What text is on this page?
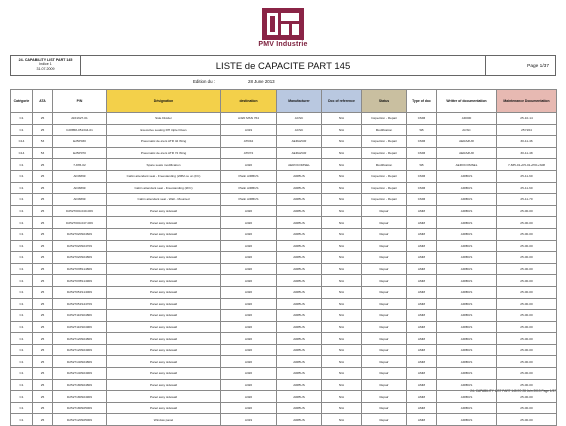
PMV Industrie
24- CAPABILITY LIST PART 145
Indice 1
31.07.2009	LISTE de CAPACITE PART 145	Page 1/37
Edition du :	28 June 2013
Catégorie	ATA	P/N	Désignation	destination	Manufacturer	Doc of reference	Status	Type of doc	Writter of documentation	Maintenance Documentation
C1	25	ADI1627-01	Side Divider	A320 MSN 764	ACSC	N/A	Inspection - Repair	CMM	AD000	25-10-14
C1	25	C28858-051344-01	Executive seating RH triple Divan	A319	ACSC	N/A	Modification	SB	ACSC	25Y264
C14	53	E25P030	Pneumatic de-icers ATR 42 Wing	ATR42	AERAZUR	N/A	Inspection - Repair	CMM	AERAZUR	30-11-46
C14	53	E25P070	Pneumatic de-icers ATR 72 Wing	ATR72	AERAZUR	N/A	Inspection - Repair	CMM	AERAZUR	30-11-48
C1	25	7-835-02	Spare seats modification	A320	AEROCOMSEL	N/A	Modification	SB	AEROCOMSEL	7-835-01+K5-01+P01+S08
C1	25	ADI3899	Cabin attendant seat - Freestanding (2MM ou un (FC)	Platin AIRBUS	AIRBUS	N/A	Inspection - Repair	CMM	AIRBUS	25-11-60
C1	25	ADI3899	Cabin attendant seat - Freestanding (2FC)	Platin AIRBUS	AIRBUS	N/A	Inspection - Repair	CMM	AIRBUS	25-11-60
C1	25	ADI3899	Cabin attendant seat - Wall - Mounted	Platin AIRBUS	AIRBUS	N/A	Inspection - Repair	CMM	AIRBUS	25-11-70
C1	25	D2527000-040-009	Panel assy sidewall	A320	AIRBUS	N/A	Repair	AMM	AIRBUS	25-00-00
C1	25	D2527000-047-009	Panel assy sidewall	A320	AIRBUS	N/A	Repair	AMM	AIRBUS	25-00-00
C1	25	D2527020S04609	Panel assy sidewall	A320	AIRBUS	N/A	Repair	AMM	AIRBUS	25-00-00
C1	25	D2527020S04709	Panel assy sidewall	A320	AIRBUS	N/A	Repair	AMM	AIRBUS	25-00-00
C1	25	D2527020S04809	Panel assy sidewall	A320	AIRBUS	N/A	Repair	AMM	AIRBUS	25-00-00
C1	25	D2527035S14809	Panel assy sidewall	A320	AIRBUS	N/A	Repair	AMM	AIRBUS	25-00-00
C1	25	D2527035S14909	Panel assy sidewall	A320	AIRBUS	N/A	Repair	AMM	AIRBUS	25-00-00
C1	25	D2527051S14009	Panel assy sidewall	A320	AIRBUS	N/A	Repair	AMM	AIRBUS	25-00-00
C1	25	D2527051S44709	Panel assy sidewall	A320	AIRBUS	N/A	Repair	AMM	AIRBUS	25-00-00
C1	25	D2527110S04809	Panel assy sidewall	A320	AIRBUS	N/A	Repair	AMM	AIRBUS	25-00-00
C1	25	D2527110S04909	Panel assy sidewall	A320	AIRBUS	N/A	Repair	AMM	AIRBUS	25-00-00
C1	25	D2527120S04809	Panel assy sidewall	A320	AIRBUS	N/A	Repair	AMM	AIRBUS	25-00-00
C1	25	D2527120S04909	Panel assy sidewall	A320	AIRBUS	N/A	Repair	AMM	AIRBUS	25-00-00
C1	25	D2527140S04809	Panel assy sidewall	A320	AIRBUS	N/A	Repair	AMM	AIRBUS	25-00-00
C1	25	D2527140S04909	Panel assy sidewall	A320	AIRBUS	N/A	Repair	AMM	AIRBUS	25-00-00
C1	25	D2527180S04809	Panel assy sidewall	A320	AIRBUS	N/A	Repair	AMM	AIRBUS	25-00-00
C1	25	D2527180S04909	Panel assy sidewall	A320	AIRBUS	N/A	Repair	AMM	AIRBUS	25-00-00
C1	25	D2527180S05009	Panel assy sidewall	A320	AIRBUS	N/A	Repair	AMM	AIRBUS	25-00-00
C1	25	D2527120S05009	Window panel	A319	AIRBUS	N/A	Repair	AMM	AIRBUS	25-00-00
24- CAPABILITY LIST PART 145 E0 28 Juin 2013 Page 1/37
